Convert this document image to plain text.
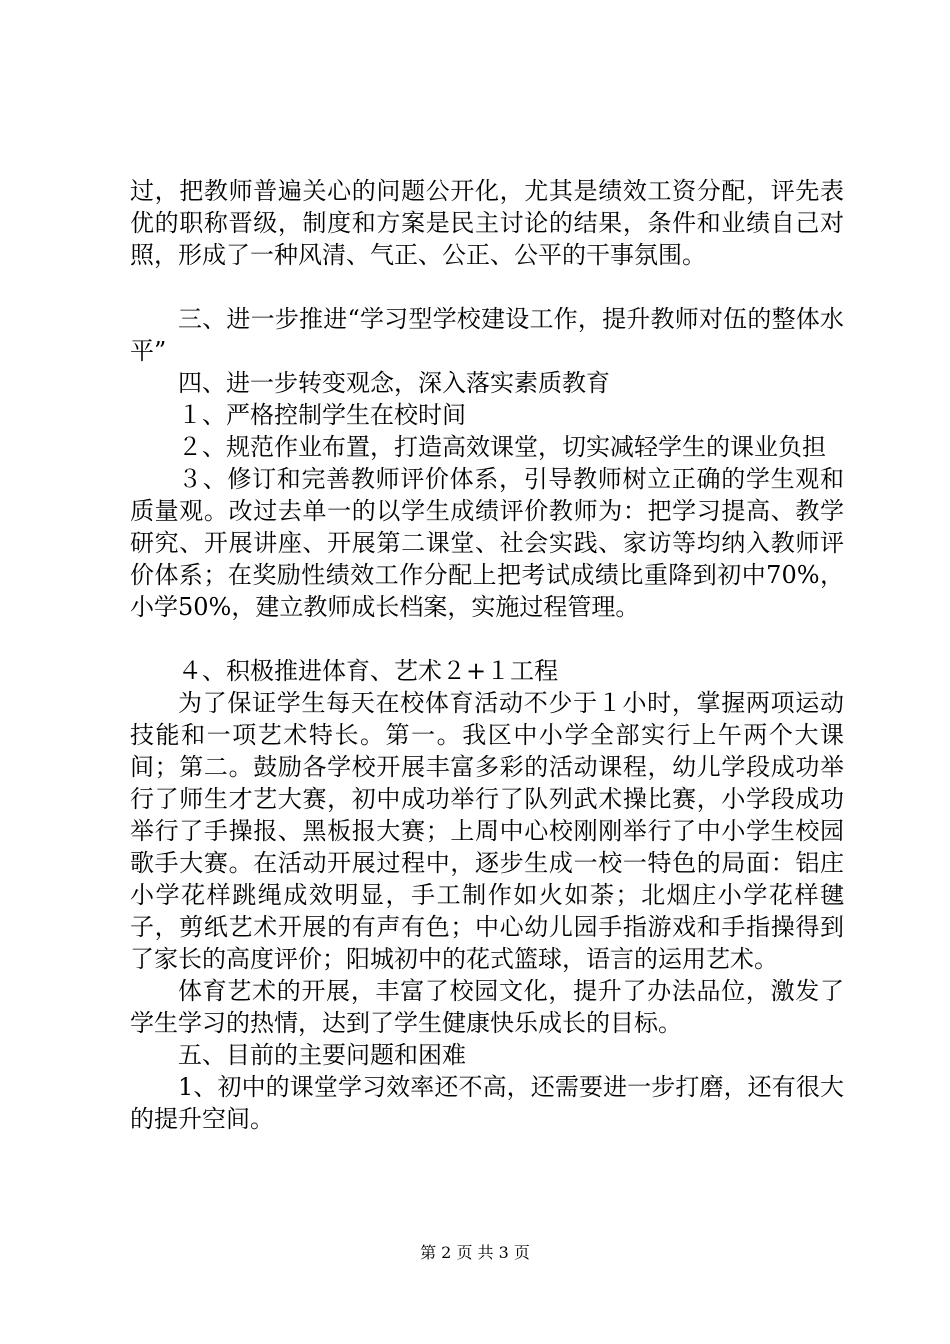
过，把教师普遍关心的问题公开化，尤其是绩效工资分配，评先表优的职称晋级，制度和方案是民主讨论的结果，条件和业绩自己对照，形成了一种风清、气正、公正、公平的干事氛围。

三、进一步推进“学习型学校建设工作，提升教师对伍的整体水平”

四、进一步转变观念，深入落实素质教育

１、严格控制学生在校时间

２、规范作业布置，打造高效课堂，切实减轻学生的课业负担

３、修订和完善教师评价体系，引导教师树立正确的学生观和质量观。改过去单一的以学生成绩评价教师为：把学习提高、教学研究、开展讲座、开展第二课堂、社会实践、家访等均纳入教师评价体系；在奖励性绩效工作分配上把考试成绩比重降到初中70%，小学50%，建立教师成长档案，实施过程管理。

４、积极推进体育、艺术２+１工程

为了保证学生每天在校体育活动不少于１小时，掌握两项运动技能和一项艺术特长。第一。我区中小学全部实行上午两个大课间；第二。鼓励各学校开展丰富多彩的活动课程，幼儿学段成功举行了师生才艺大赛，初中成功举行了队列武术操比赛，小学段成功举行了手操报、黑板报大赛；上周中心校刚刚举行了中小学生校园歌手大赛。在活动开展过程中，逐步生成一校一特色的局面：铝庄小学花样跳绳成效明显，手工制作如火如荼；北烟庄小学花样毽子，剪纸艺术开展的有声有色；中心幼儿园手指游戏和手指操得到了家长的高度评价；阳城初中的花式篮球，语言的运用艺术。

体育艺术的开展，丰富了校园文化，提升了办法品位，激发了学生学习的热情，达到了学生健康快乐成长的目标。

五、目前的主要问题和困难

1、初中的课堂学习效率还不高，还需要进一步打磨，还有很大的提升空间。

第 2 页 共 3 页
